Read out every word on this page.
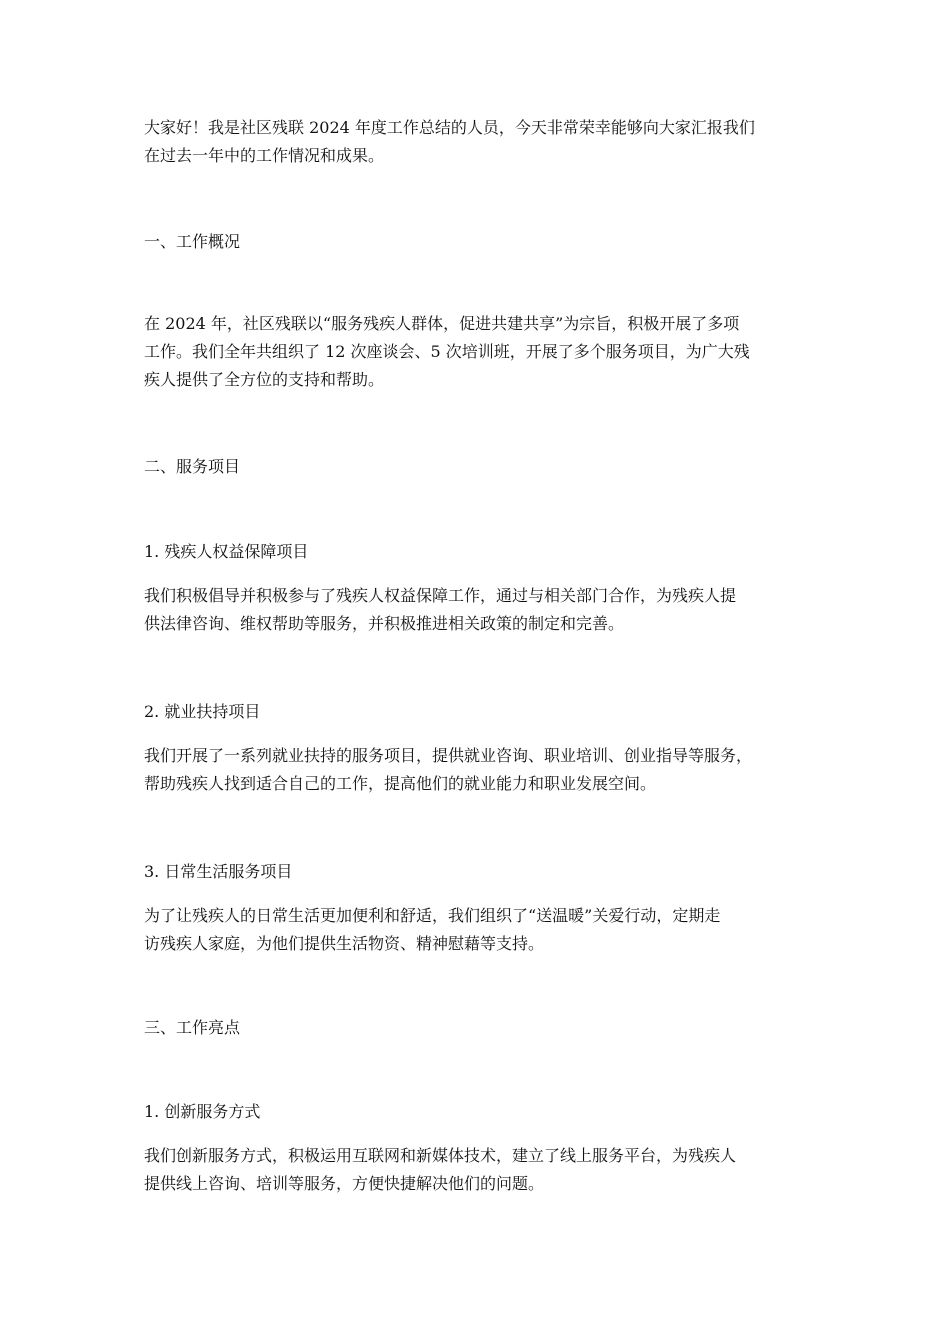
大家好！我是社区残联 2024 年度工作总结的人员，今天非常荣幸能够向大家汇报我们
在过去一年中的工作情况和成果。

一、工作概况

在 2024 年，社区残联以“服务残疾人群体，促进共建共享”为宗旨，积极开展了多项
工作。我们全年共组织了 12 次座谈会、5 次培训班，开展了多个服务项目，为广大残
疾人提供了全方位的支持和帮助。

二、服务项目

1. 残疾人权益保障项目

我们积极倡导并积极参与了残疾人权益保障工作，通过与相关部门合作，为残疾人提
供法律咨询、维权帮助等服务，并积极推进相关政策的制定和完善。

2. 就业扶持项目

我们开展了一系列就业扶持的服务项目，提供就业咨询、职业培训、创业指导等服务，
帮助残疾人找到适合自己的工作，提高他们的就业能力和职业发展空间。

3. 日常生活服务项目

为了让残疾人的日常生活更加便利和舒适，我们组织了“送温暖”关爱行动，定期走
访残疾人家庭，为他们提供生活物资、精神慰藉等支持。

三、工作亮点

1. 创新服务方式

我们创新服务方式，积极运用互联网和新媒体技术，建立了线上服务平台，为残疾人
提供线上咨询、培训等服务，方便快捷解决他们的问题。
